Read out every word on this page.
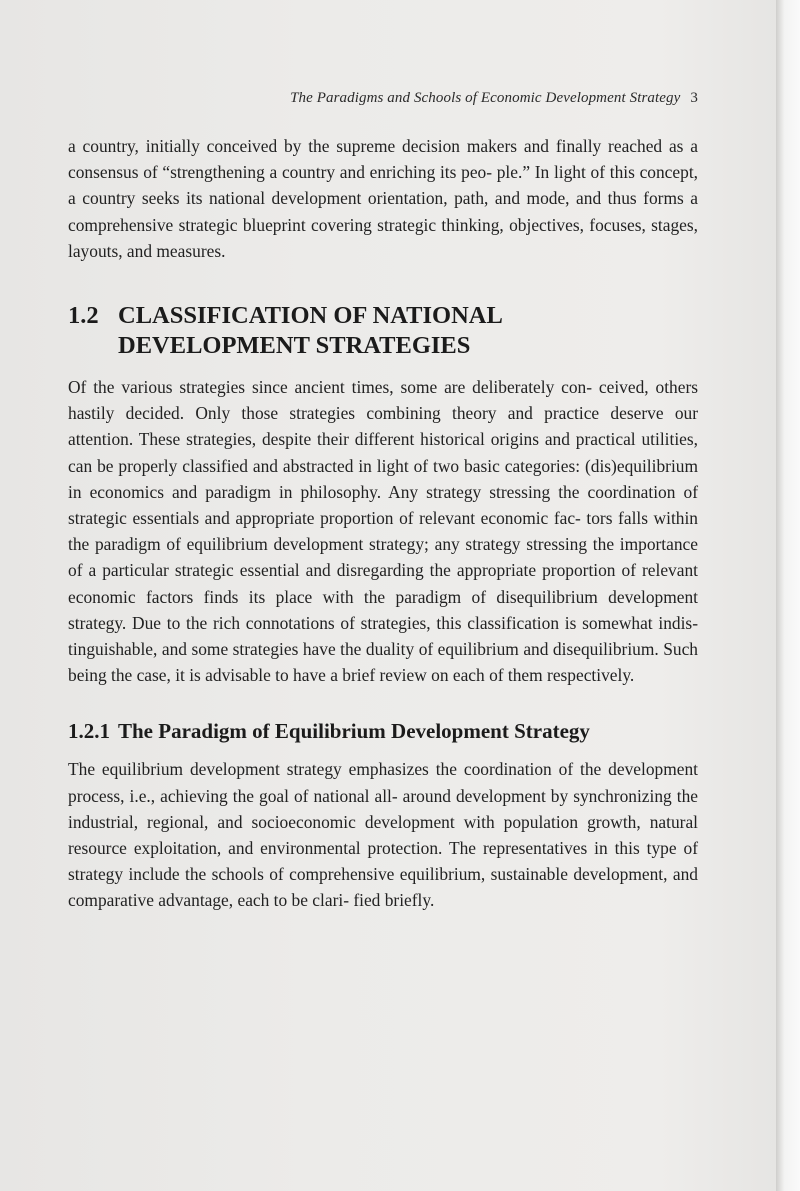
The Paradigms and Schools of Economic Development Strategy 3

a country, initially conceived by the supreme decision makers and finally reached as a consensus of “strengthening a country and enriching its peo- ple.” In light of this concept, a country seeks its national development orientation, path, and mode, and thus forms a comprehensive strategic blueprint covering strategic thinking, objectives, focuses, stages, layouts, and measures.

1.2 CLASSIFICATION OF NATIONAL DEVELOPMENT STRATEGIES

Of the various strategies since ancient times, some are deliberately con- ceived, others hastily decided. Only those strategies combining theory and practice deserve our attention. These strategies, despite their different historical origins and practical utilities, can be properly classified and abstracted in light of two basic categories: (dis)equilibrium in economics and paradigm in philosophy. Any strategy stressing the coordination of strategic essentials and appropriate proportion of relevant economic fac- tors falls within the paradigm of equilibrium development strategy; any strategy stressing the importance of a particular strategic essential and disregarding the appropriate proportion of relevant economic factors finds its place with the paradigm of disequilibrium development strategy. Due to the rich connotations of strategies, this classification is somewhat indis- tinguishable, and some strategies have the duality of equilibrium and disequilibrium. Such being the case, it is advisable to have a brief review on each of them respectively.

1.2.1 The Paradigm of Equilibrium Development Strategy

The equilibrium development strategy emphasizes the coordination of the development process, i.e., achieving the goal of national all- around development by synchronizing the industrial, regional, and socioeconomic development with population growth, natural resource exploitation, and environmental protection. The representatives in this type of strategy include the schools of comprehensive equilibrium, sustainable development, and comparative advantage, each to be clari- fied briefly.
